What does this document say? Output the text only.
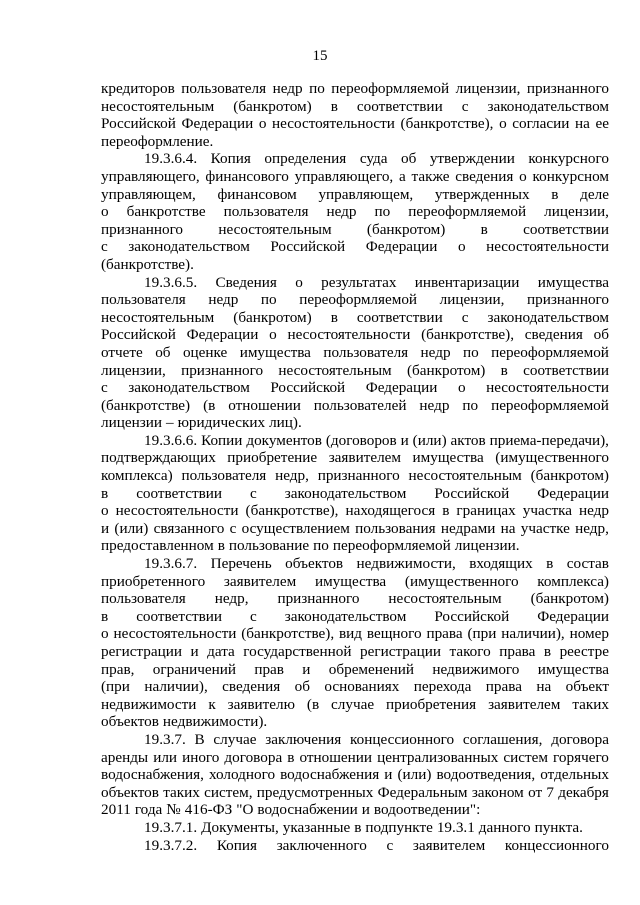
15
кредиторов пользователя недр по переоформляемой лицензии, признанного
несостоятельным (банкротом) в соответствии с законодательством
Российской Федерации о несостоятельности (банкротстве), о согласии на ее
переоформление.
19.3.6.4. Копия определения суда об утверждении конкурсного
управляющего, финансового управляющего, а также сведения о конкурсном
управляющем, финансовом управляющем, утвержденных в деле
о банкротстве пользователя недр по переоформляемой лицензии,
признанного несостоятельным (банкротом) в соответствии
с законодательством Российской Федерации о несостоятельности
(банкротстве).
19.3.6.5. Сведения о результатах инвентаризации имущества
пользователя недр по переоформляемой лицензии, признанного
несостоятельным (банкротом) в соответствии с законодательством
Российской Федерации о несостоятельности (банкротстве), сведения об
отчете об оценке имущества пользователя недр по переоформляемой
лицензии, признанного несостоятельным (банкротом) в соответствии
с законодательством Российской Федерации о несостоятельности
(банкротстве) (в отношении пользователей недр по переоформляемой
лицензии – юридических лиц).
19.3.6.6. Копии документов (договоров и (или) актов приема-передачи),
подтверждающих приобретение заявителем имущества (имущественного
комплекса) пользователя недр, признанного несостоятельным (банкротом)
в соответствии с законодательством Российской Федерации
о несостоятельности (банкротстве), находящегося в границах участка недр
и (или) связанного с осуществлением пользования недрами на участке недр,
предоставленном в пользование по переоформляемой лицензии.
19.3.6.7. Перечень объектов недвижимости, входящих в состав
приобретенного заявителем имущества (имущественного комплекса)
пользователя недр, признанного несостоятельным (банкротом)
в соответствии с законодательством Российской Федерации
о несостоятельности (банкротстве), вид вещного права (при наличии), номер
регистрации и дата государственной регистрации такого права в реестре
прав, ограничений прав и обременений недвижимого имущества
(при наличии), сведения об основаниях перехода права на объект
недвижимости к заявителю (в случае приобретения заявителем таких
объектов недвижимости).
19.3.7. В случае заключения концессионного соглашения, договора
аренды или иного договора в отношении централизованных систем горячего
водоснабжения, холодного водоснабжения и (или) водоотведения, отдельных
объектов таких систем, предусмотренных Федеральным законом от 7 декабря
2011 года № 416-ФЗ "О водоснабжении и водоотведении":
19.3.7.1. Документы, указанные в подпункте 19.3.1 данного пункта.
19.3.7.2. Копия заключенного с заявителем концессионного
